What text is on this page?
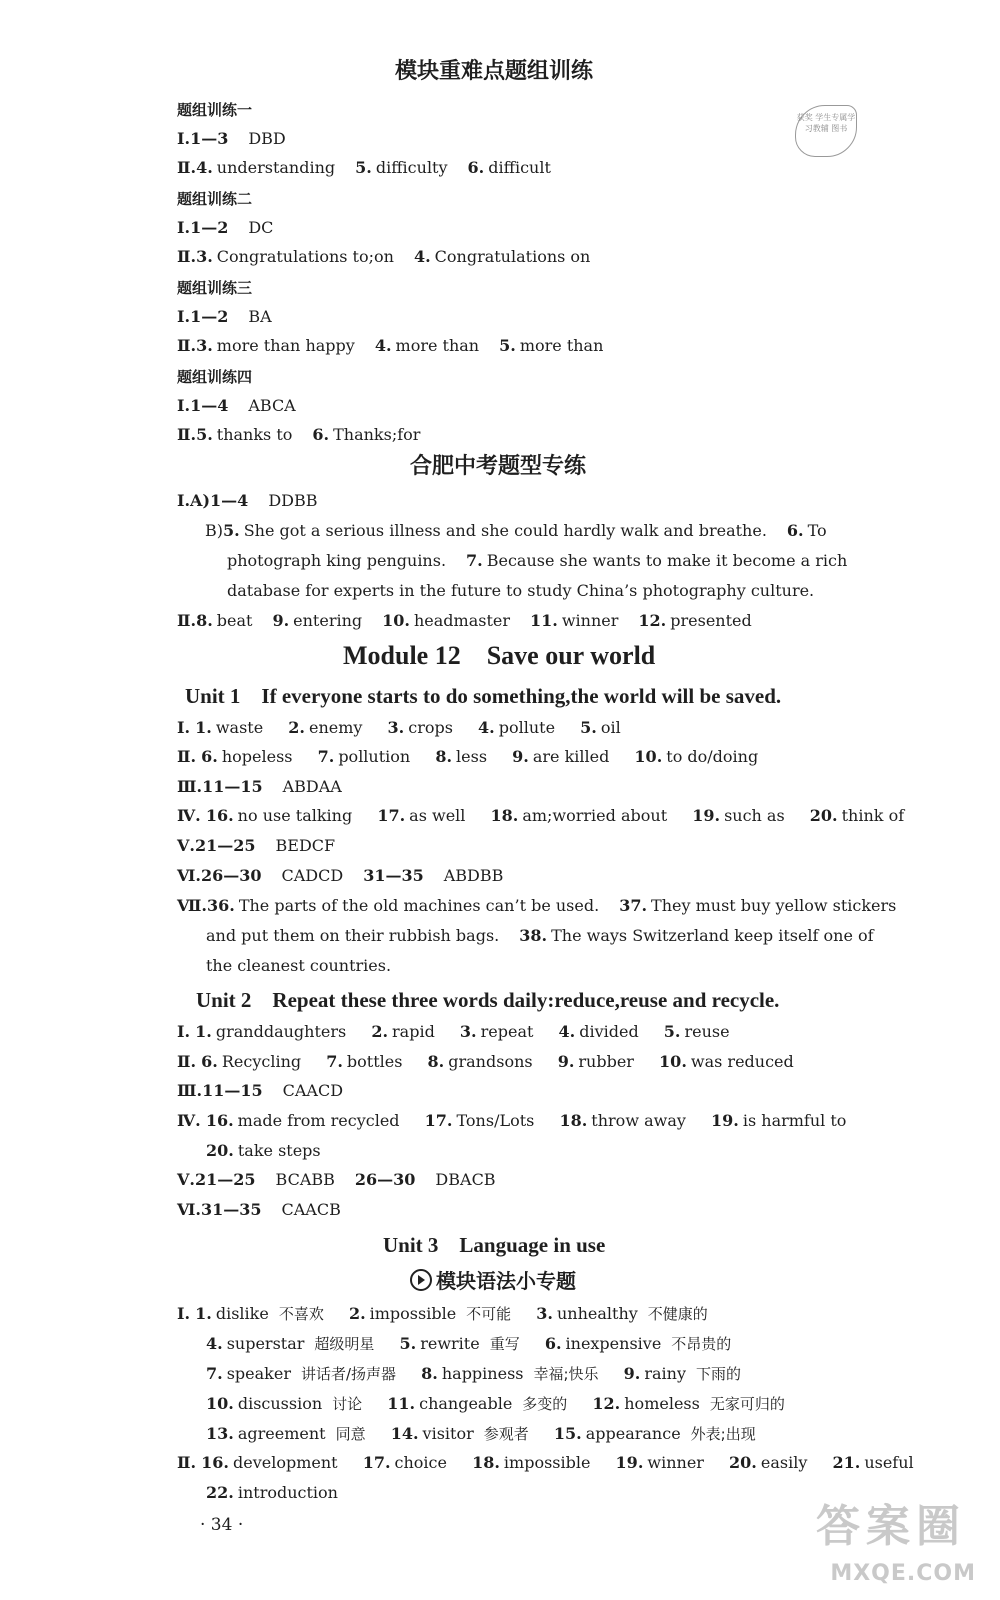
模块重难点题组训练
获奖 学生专属学习教辅 图书
题组训练一
Ⅰ.1—3 DBD
Ⅱ.4. understanding 5. difficulty 6. difficult
题组训练二
Ⅰ.1—2 DC
Ⅱ.3. Congratulations to;on 4. Congratulations on
题组训练三
Ⅰ.1—2 BA
Ⅱ.3. more than happy 4. more than 5. more than
题组训练四
Ⅰ.1—4 ABCA
Ⅱ.5. thanks to 6. Thanks;for
合肥中考题型专练
Ⅰ.A)1—4 DDBB
B)5. She got a serious illness and she could hardly walk and breathe. 6. To
photograph king penguins. 7. Because she wants to make it become a rich
database for experts in the future to study China’s photography culture.
Ⅱ.8. beat 9. entering 10. headmaster 11. winner 12. presented
Module 12　Save our world
Unit 1　If everyone starts to do something,the world will be saved.
Ⅰ. 1. waste 2. enemy 3. crops 4. pollute 5. oil
Ⅱ. 6. hopeless 7. pollution 8. less 9. are killed 10. to do/doing
Ⅲ.11—15 ABDAA
Ⅳ. 16. no use talking 17. as well 18. am;worried about 19. such as 20. think of
Ⅴ.21—25 BEDCF
Ⅵ.26—30 CADCD 31—35 ABDBB
Ⅶ.36. The parts of the old machines can’t be used. 37. They must buy yellow stickers
and put them on their rubbish bags. 38. The ways Switzerland keep itself one of
the cleanest countries.
Unit 2　Repeat these three words daily:reduce,reuse and recycle.
Ⅰ. 1. granddaughters 2. rapid 3. repeat 4. divided 5. reuse
Ⅱ. 6. Recycling 7. bottles 8. grandsons 9. rubber 10. was reduced
Ⅲ.11—15 CAACD
Ⅳ. 16. made from recycled 17. Tons/Lots 18. throw away 19. is harmful to
20. take steps
Ⅴ.21—25 BCABB 26—30 DBACB
Ⅵ.31—35 CAACB
Unit 3　Language in use
模块语法小专题
Ⅰ. 1. dislike 不喜欢 2. impossible 不可能 3. unhealthy 不健康的
4. superstar 超级明星 5. rewrite 重写 6. inexpensive 不昂贵的
7. speaker 讲话者/扬声器 8. happiness 幸福;快乐 9. rainy 下雨的
10. discussion 讨论 11. changeable 多变的 12. homeless 无家可归的
13. agreement 同意 14. visitor 参观者 15. appearance 外表;出现
Ⅱ. 16. development 17. choice 18. impossible 19. winner 20. easily 21. useful
22. introduction
· 34 ·	答案圈
MXQE.COM
